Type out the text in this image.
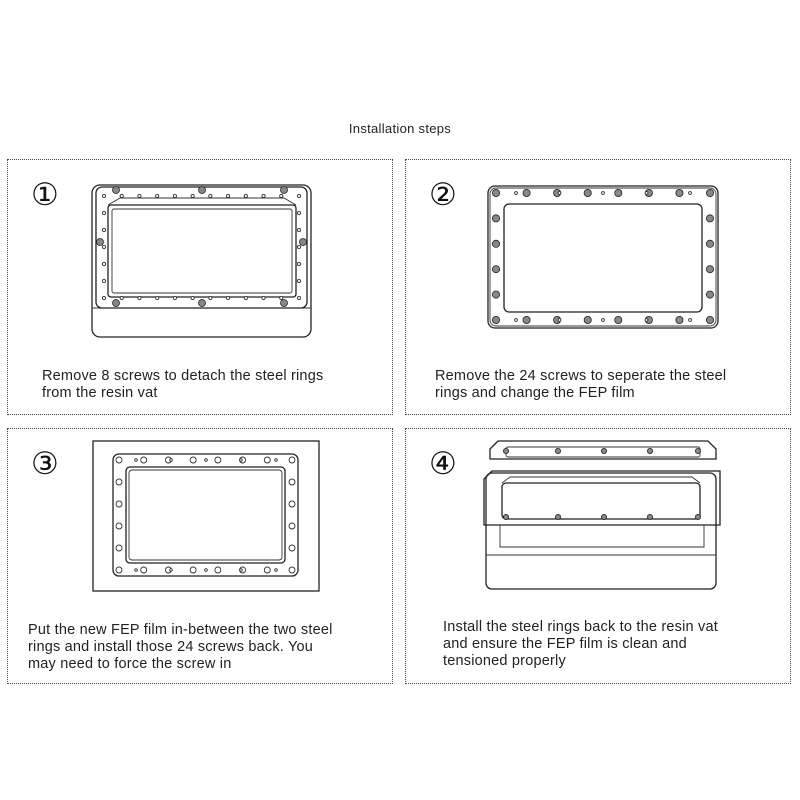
Installation steps
①
Remove 8 screws to detach the steel rings
from the resin vat
②
Remove the 24 screws to seperate the steel
rings and change the FEP film
③
Put the new FEP film in-between the two steel
rings and install those 24 screws back. You
may need to force the screw in
④
Install the steel rings back to the resin vat
and ensure the FEP film is clean and
tensioned properly
